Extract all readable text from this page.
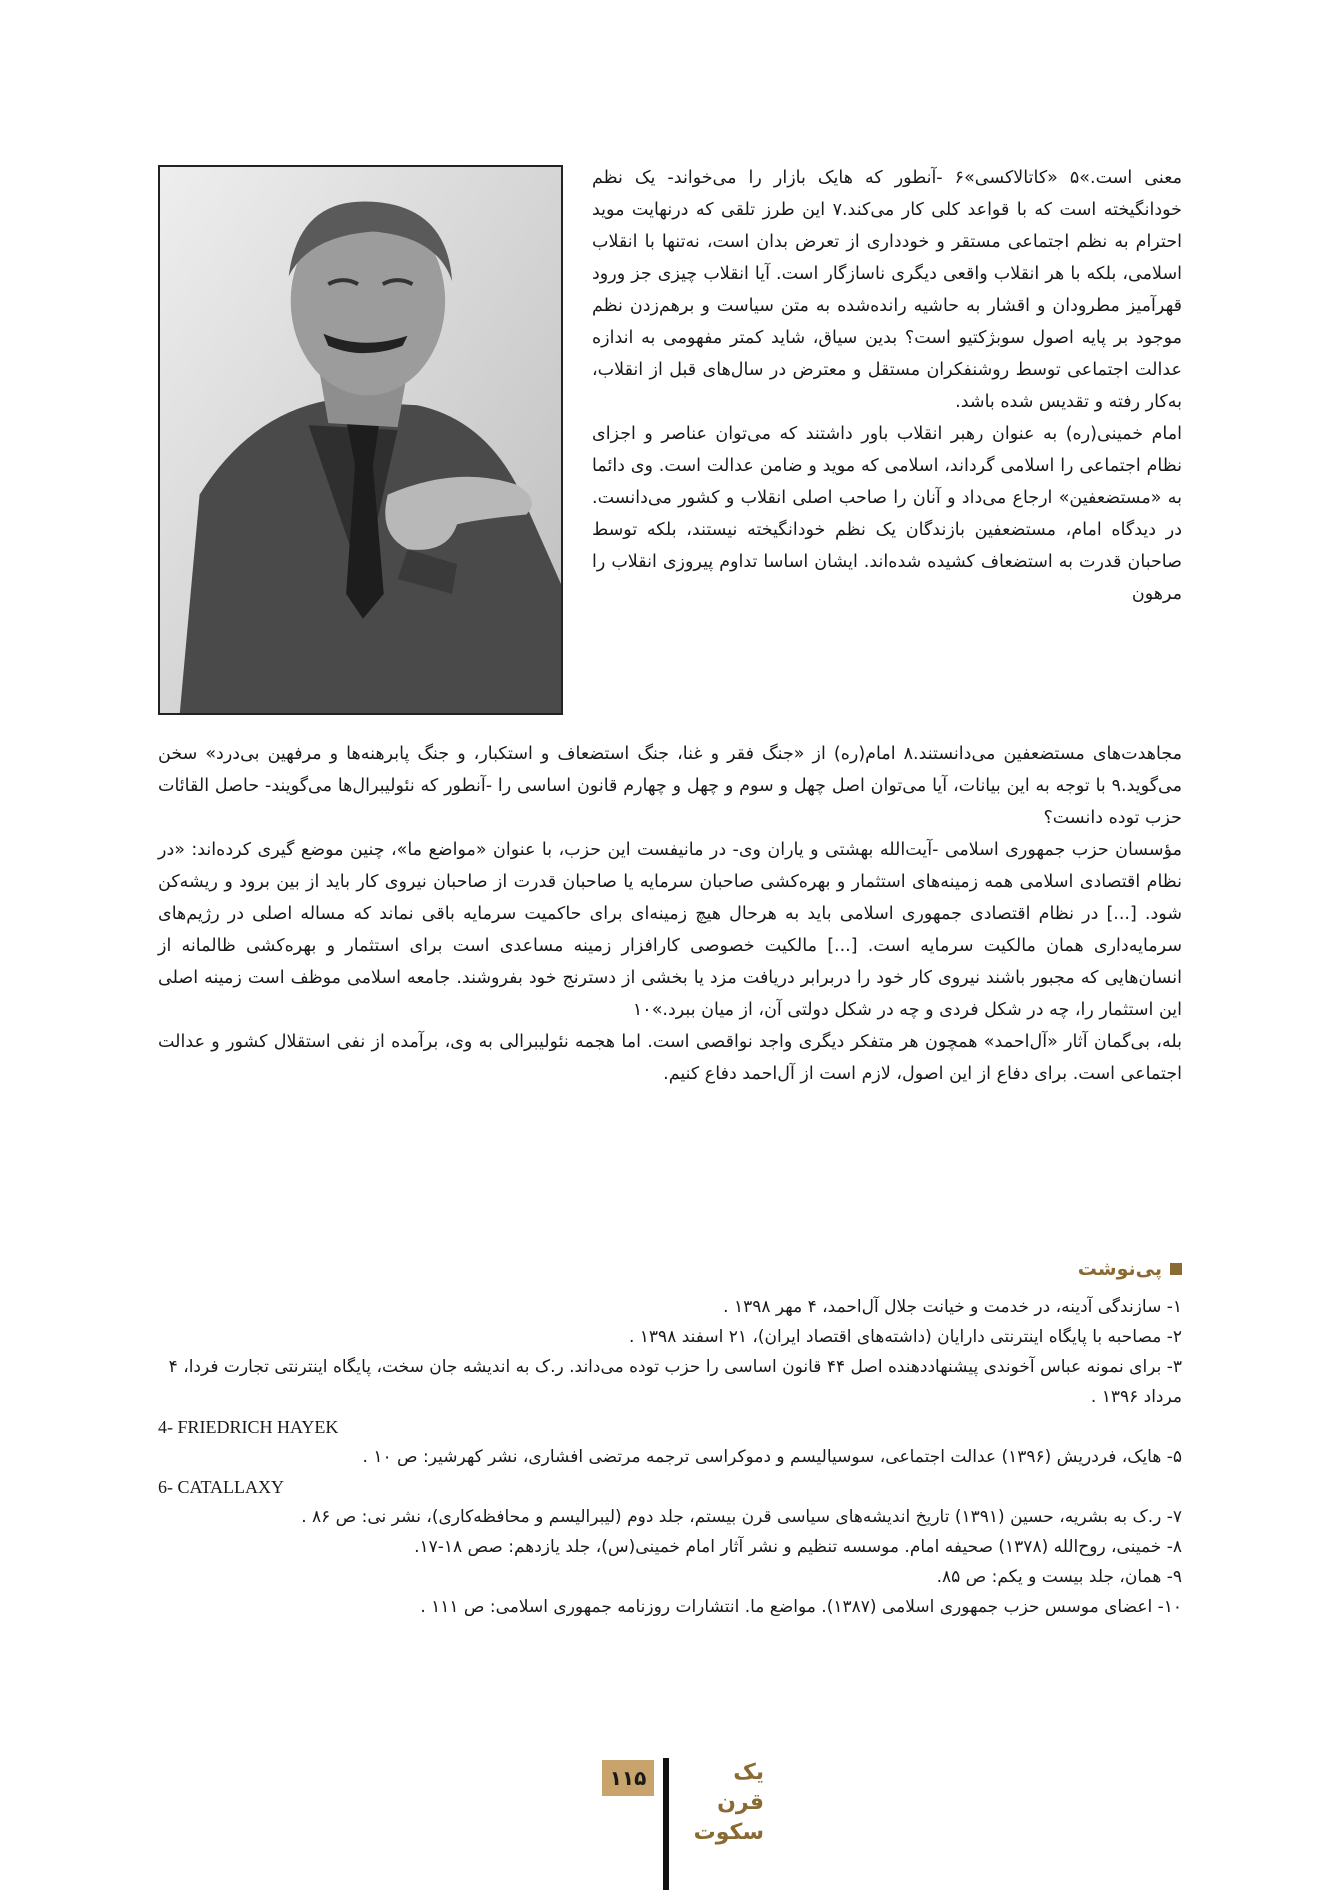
معنی است.»۵ «کاتالاکسی»۶ -آنطور که هایک بازار را می‌خواند- یک نظم خودانگیخته است که با قواعد کلی کار می‌کند.۷ این طرز تلقی که درنهایت موید احترام به نظم اجتماعی مستقر و خودداری از تعرض بدان است، نه‌تنها با انقلاب اسلامی، بلکه با هر انقلاب واقعی دیگری ناسازگار است. آیا انقلاب چیزی جز ورود قهرآمیز مطرودان و اقشار به حاشیه رانده‌شده به متن سیاست و برهم‌زدن نظم موجود بر پایه اصول سوبژکتیو است؟ بدین سیاق، شاید کمتر مفهومی به اندازه عدالت اجتماعی توسط روشنفکران مستقل و معترض در سال‌های قبل از انقلاب، به‌کار رفته و تقدیس شده باشد.

امام خمینی(ره) به عنوان رهبر انقلاب باور داشتند که می‌توان عناصر و اجزای نظام اجتماعی را اسلامی گرداند، اسلامی که موید و ضامن عدالت است. وی دائما به «مستضعفین» ارجاع می‌داد و آنان را صاحب اصلی انقلاب و کشور می‌دانست. در دیدگاه امام، مستضعفین بازندگان یک نظم خودانگیخته نیستند، بلکه توسط صاحبان قدرت به استضعاف کشیده شده‌اند. ایشان اساسا تداوم پیروزی انقلاب را مرهون

مجاهدت‌های مستضعفین می‌دانستند.۸ امام(ره) از «جنگ فقر و غنا، جنگ استضعاف و استکبار، و جنگ پابرهنه‌ها و مرفهین بی‌درد» سخن می‌گوید.۹ با توجه به این بیانات، آیا می‌توان اصل چهل و سوم و چهل و چهارم قانون اساسی را -آنطور که نئولیبرال‌ها می‌گویند- حاصل القائات حزب توده دانست؟

مؤسسان حزب جمهوری اسلامی -آیت‌الله بهشتی و یاران وی- در مانیفست این حزب، با عنوان «مواضع ما»، چنین موضع گیری کرده‌اند: «در نظام اقتصادی اسلامی همه زمینه‌های استثمار و بهره‌کشی صاحبان سرمایه یا صاحبان قدرت از صاحبان نیروی کار باید از بین برود و ریشه‌کن شود. [...] در نظام اقتصادی جمهوری اسلامی باید به هرحال هیچ زمینه‌ای برای حاکمیت سرمایه باقی نماند که مساله اصلی در رژیم‌های سرمایه‌داری همان مالکیت سرمایه است. [...] مالکیت خصوصی کارافزار زمینه مساعدی است برای استثمار و بهره‌کشی ظالمانه از انسان‌هایی که مجبور باشند نیروی کار خود را دربرابر دریافت مزد یا بخشی از دسترنج خود بفروشند. جامعه اسلامی موظف است زمینه اصلی این استثمار را، چه در شکل فردی و چه در شکل دولتی آن، از میان ببرد.»۱۰

بله، بی‌گمان آثار «آل‌احمد» همچون هر متفکر دیگری واجد نواقصی است. اما هجمه نئولیبرالی به وی، برآمده از نفی استقلال کشور و عدالت اجتماعی است. برای دفاع از این اصول، لازم است از آل‌احمد دفاع کنیم.

پی‌نوشت

۱- سازندگی آدینه، در خدمت و خیانت جلال آل‌احمد، ۴ مهر ۱۳۹۸ .

۲- مصاحبه با پایگاه اینترنتی دارایان (داشته‌های اقتصاد ایران)، ۲۱ اسفند ۱۳۹۸ .

۳- برای نمونه عباس آخوندی پیشنهاددهنده اصل ۴۴ قانون اساسی را حزب توده می‌داند. ر.ک به اندیشه جان سخت، پایگاه اینترنتی تجارت فردا، ۴ مرداد ۱۳۹۶ .

4- FRIEDRICH HAYEK

۵- هایک، فردریش (۱۳۹۶) عدالت اجتماعی، سوسیالیسم و دموکراسی ترجمه مرتضی افشاری، نشر کهرشیر: ص ۱۰ .

6- CATALLAXY

۷- ر.ک به بشریه، حسین (۱۳۹۱) تاریخ اندیشه‌های سیاسی قرن بیستم، جلد دوم (لیبرالیسم و محافظه‌کاری)، نشر نی: ص ۸۶ .

۸- خمینی، روح‌الله (۱۳۷۸) صحیفه امام. موسسه تنظیم و نشر آثار امام خمینی(س)، جلد یازدهم: صص ۱۸-۱۷.

۹- همان، جلد بیست و یکم: ص ۸۵.

۱۰- اعضای موسس حزب جمهوری اسلامی (۱۳۸۷). مواضع ما. انتشارات روزنامه جمهوری اسلامی: ص ۱۱۱ .

۱۱۵	یک قرن
سکوت
